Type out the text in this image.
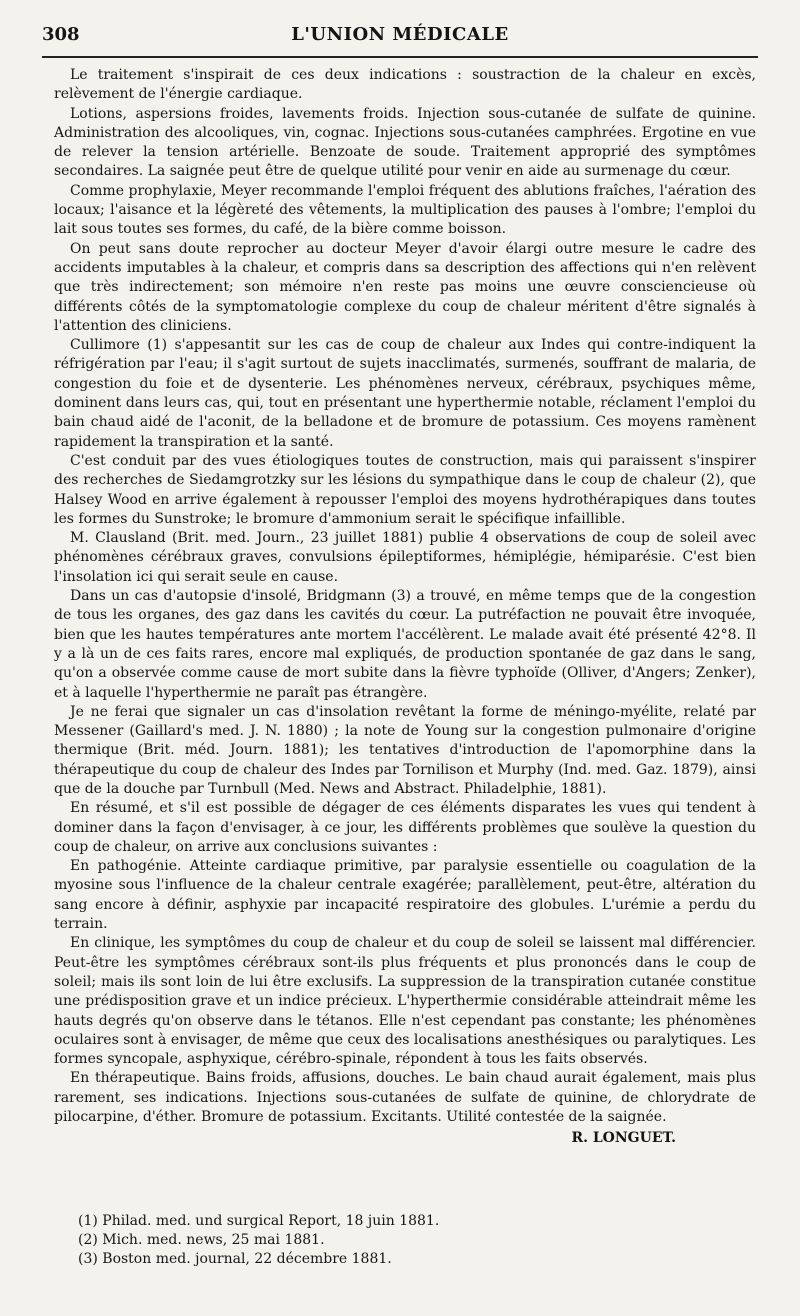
308	L'UNION MÉDICALE

Le traitement s'inspirait de ces deux indications : soustraction de la chaleur en excès, relèvement de l'énergie cardiaque.

Lotions, aspersions froides, lavements froids. Injection sous-cutanée de sulfate de quinine. Administration des alcooliques, vin, cognac. Injections sous-cutanées camphrées. Ergotine en vue de relever la tension artérielle. Benzoate de soude. Traitement approprié des symptômes secondaires. La saignée peut être de quelque utilité pour venir en aide au surmenage du cœur.

Comme prophylaxie, Meyer recommande l'emploi fréquent des ablutions fraîches, l'aération des locaux; l'aisance et la légèreté des vêtements, la multiplication des pauses à l'ombre; l'emploi du lait sous toutes ses formes, du café, de la bière comme boisson.

On peut sans doute reprocher au docteur Meyer d'avoir élargi outre mesure le cadre des accidents imputables à la chaleur, et compris dans sa description des affections qui n'en relèvent que très indirectement; son mémoire n'en reste pas moins une œuvre consciencieuse où différents côtés de la symptomatologie complexe du coup de chaleur méritent d'être signalés à l'attention des cliniciens.

Cullimore (1) s'appesantit sur les cas de coup de chaleur aux Indes qui contre-indiquent la réfrigération par l'eau; il s'agit surtout de sujets inacclimatés, surmenés, souffrant de malaria, de congestion du foie et de dysenterie. Les phénomènes nerveux, cérébraux, psychiques même, dominent dans leurs cas, qui, tout en présentant une hyperthermie notable, réclament l'emploi du bain chaud aidé de l'aconit, de la belladone et de bromure de potassium. Ces moyens ramènent rapidement la transpiration et la santé.

C'est conduit par des vues étiologiques toutes de construction, mais qui paraissent s'inspirer des recherches de Siedamgrotzky sur les lésions du sympathique dans le coup de chaleur (2), que Halsey Wood en arrive également à repousser l'emploi des moyens hydrothérapiques dans toutes les formes du Sunstroke; le bromure d'ammonium serait le spécifique infaillible.

M. Clausland (Brit. med. Journ., 23 juillet 1881) publie 4 observations de coup de soleil avec phénomènes cérébraux graves, convulsions épileptiformes, hémiplégie, hémiparésie. C'est bien l'insolation ici qui serait seule en cause.

Dans un cas d'autopsie d'insolé, Bridgmann (3) a trouvé, en même temps que de la congestion de tous les organes, des gaz dans les cavités du cœur. La putréfaction ne pouvait être invoquée, bien que les hautes températures ante mortem l'accélèrent. Le malade avait été présenté 42°8. Il y a là un de ces faits rares, encore mal expliqués, de production spontanée de gaz dans le sang, qu'on a observée comme cause de mort subite dans la fièvre typhoïde (Olliver, d'Angers; Zenker), et à laquelle l'hyperthermie ne paraît pas étrangère.

Je ne ferai que signaler un cas d'insolation revêtant la forme de méningo-myélite, relaté par Messener (Gaillard's med. J. N. 1880) ; la note de Young sur la congestion pulmonaire d'origine thermique (Brit. méd. Journ. 1881); les tentatives d'introduction de l'apomorphine dans la thérapeutique du coup de chaleur des Indes par Tornilison et Murphy (Ind. med. Gaz. 1879), ainsi que de la douche par Turnbull (Med. News and Abstract. Philadelphie, 1881).

En résumé, et s'il est possible de dégager de ces éléments disparates les vues qui tendent à dominer dans la façon d'envisager, à ce jour, les différents problèmes que soulève la question du coup de chaleur, on arrive aux conclusions suivantes :

En pathogénie. Atteinte cardiaque primitive, par paralysie essentielle ou coagulation de la myosine sous l'influence de la chaleur centrale exagérée; parallèlement, peut-être, altération du sang encore à définir, asphyxie par incapacité respiratoire des globules. L'urémie a perdu du terrain.

En clinique, les symptômes du coup de chaleur et du coup de soleil se laissent mal différencier. Peut-être les symptômes cérébraux sont-ils plus fréquents et plus prononcés dans le coup de soleil; mais ils sont loin de lui être exclusifs. La suppression de la transpiration cutanée constitue une prédisposition grave et un indice précieux. L'hyperthermie considérable atteindrait même les hauts degrés qu'on observe dans le tétanos. Elle n'est cependant pas constante; les phénomènes oculaires sont à envisager, de même que ceux des localisations anesthésiques ou paralytiques. Les formes syncopale, asphyxique, cérébro-spinale, répondent à tous les faits observés.

En thérapeutique. Bains froids, affusions, douches. Le bain chaud aurait également, mais plus rarement, ses indications. Injections sous-cutanées de sulfate de quinine, de chlorydrate de pilocarpine, d'éther. Bromure de potassium. Excitants. Utilité contestée de la saignée.

R. LONGUET.
(1) Philad. med. und surgical Report, 18 juin 1881.
(2) Mich. med. news, 25 mai 1881.
(3) Boston med. journal, 22 décembre 1881.
